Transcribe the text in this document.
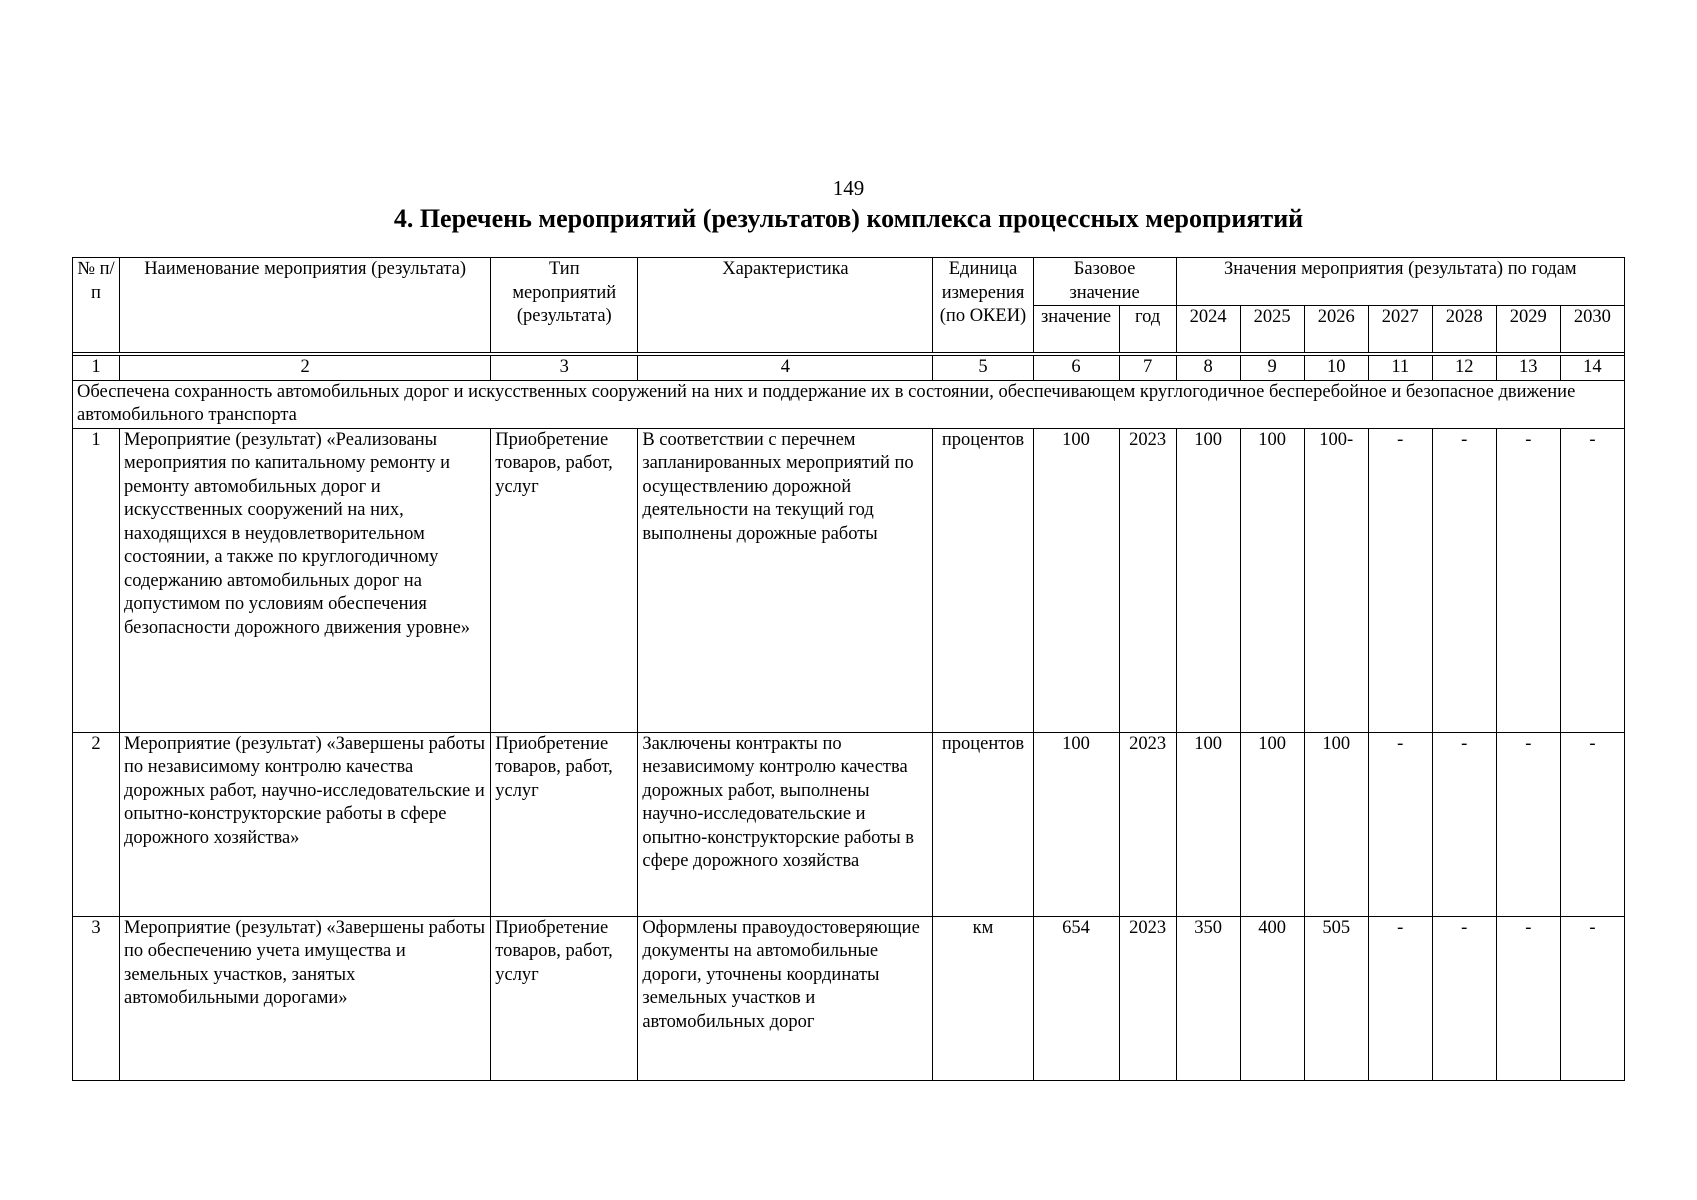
149
4. Перечень мероприятий (результатов) комплекса процессных мероприятий
№ п/п	Наименование мероприятия (результата)	Тип мероприятий (результата)	Характеристика	Единица измерения (по ОКЕИ)	Базовое значение		Значения мероприятия (результата) по годам						
					значение	год	2024	2025	2026	2027	2028	2029	2030

1	2	3	4	5	6	7	8	9	10	11	12	13	14
Обеспечена сохранность автомобильных дорог и искусственных сооружений на них и поддержание их в состоянии, обеспечивающем круглогодичное бесперебойное и безопасное движение автомобильного транспорта													
1	Мероприятие (результат) «Реализованы мероприятия по капитальному ремонту и ремонту автомобильных дорог и искусственных сооружений на них, находящихся в неудовлетворительном состоянии, а также по круглогодичному содержанию автомобильных дорог на допустимом по условиям обеспечения безопасности дорожного движения уровне»	Приобретение товаров, работ, услуг	В соответствии с перечнем запланированных мероприятий по осуществлению дорожной деятельности на текущий год выполнены дорожные работы	процентов	100	2023	100	100	100-	-	-	-	-
2	Мероприятие (результат) «Завершены работы по независимому контролю качества дорожных работ, научно-исследовательские и опытно-конструкторские работы в сфере дорожного хозяйства»	Приобретение товаров, работ, услуг	Заключены контракты по независимому контролю качества дорожных работ, выполнены научно-исследовательские и опытно-конструкторские работы в сфере дорожного хозяйства	процентов	100	2023	100	100	100	-	-	-	-
3	Мероприятие (результат) «Завершены работы по обеспечению учета имущества и земельных участков, занятых автомобильными дорогами»	Приобретение товаров, работ, услуг	Оформлены правоудостоверяющие документы на автомобильные дороги, уточнены координаты земельных участков и автомобильных дорог	км	654	2023	350	400	505	-	-	-	-
